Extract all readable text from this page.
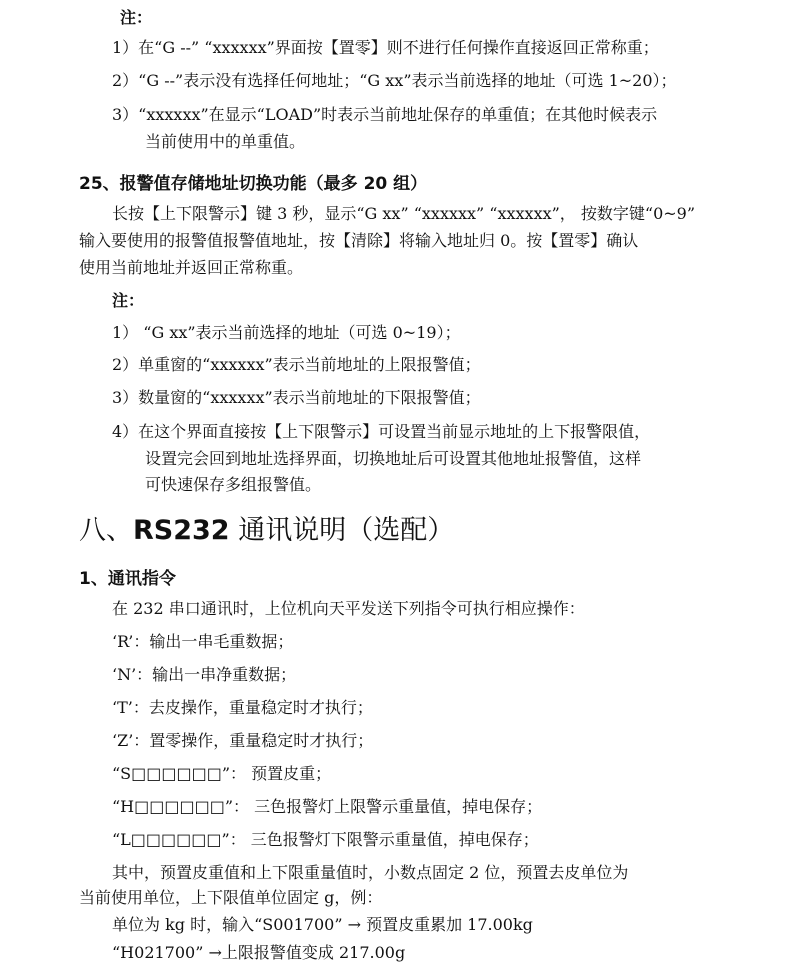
注：
1）在“G --” “xxxxxx”界面按【置零】则不进行任何操作直接返回正常称重；
2）“G --”表示没有选择任何地址；“G xx”表示当前选择的地址（可选 1~20）；
3）“xxxxxx”在显示“LOAD”时表示当前地址保存的单重值；在其他时候表示
当前使用中的单重值。
25、报警值存储地址切换功能（最多 20 组）
长按【上下限警示】键 3 秒，显示“G xx” “xxxxxx” “xxxxxx”， 按数字键“0~9”
输入要使用的报警值报警值地址，按【清除】将输入地址归 0。按【置零】确认
使用当前地址并返回正常称重。
注：
1） “G xx”表示当前选择的地址（可选 0~19）；
2）单重窗的“xxxxxx”表示当前地址的上限报警值；
3）数量窗的“xxxxxx”表示当前地址的下限报警值；
4）在这个界面直接按【上下限警示】可设置当前显示地址的上下报警限值，
设置完会回到地址选择界面，切换地址后可设置其他地址报警值，这样
可快速保存多组报警值。
八、RS232 通讯说明（选配）
1、通讯指令
在 232 串口通讯时，上位机向天平发送下列指令可执行相应操作：
‘R’：输出一串毛重数据；
‘N’：输出一串净重数据；
‘T’：去皮操作，重量稳定时才执行；
‘Z’：置零操作，重量稳定时才执行；
“S□□□□□□”： 预置皮重；
“H□□□□□□”： 三色报警灯上限警示重量值，掉电保存；
“L□□□□□□”： 三色报警灯下限警示重量值，掉电保存；
其中，预置皮重值和上下限重量值时，小数点固定 2 位，预置去皮单位为
当前使用单位，上下限值单位固定 g，例：
单位为 kg 时，输入“S001700” → 预置皮重累加 17.00kg
“H021700” →上限报警值变成 217.00g
